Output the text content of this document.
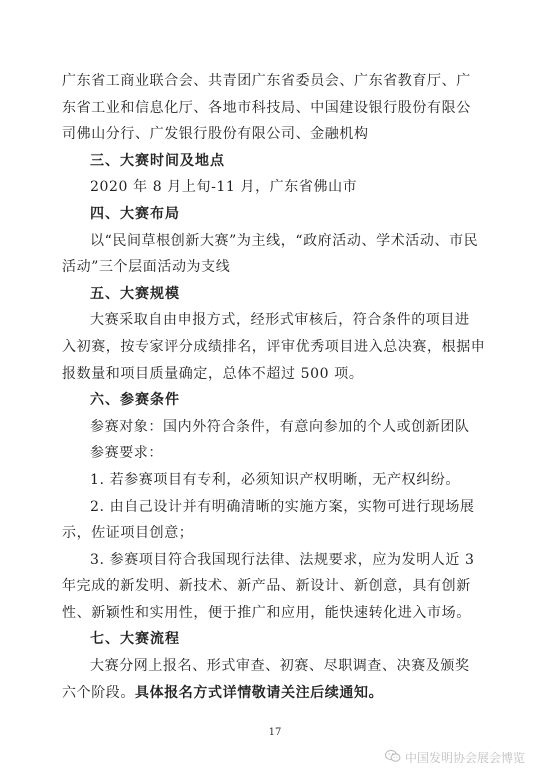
广东省工商业联合会、共青团广东省委员会、广东省教育厅、广
东省工业和信息化厅、各地市科技局、中国建设银行股份有限公
司佛山分行、广发银行股份有限公司、金融机构
三、大赛时间及地点
2020 年 8 月上旬-11 月，广东省佛山市
四、大赛布局
以“民间草根创新大赛”为主线，“政府活动、学术活动、市民
活动”三个层面活动为支线
五、大赛规模
大赛采取自由申报方式，经形式审核后，符合条件的项目进
入初赛，按专家评分成绩排名，评审优秀项目进入总决赛，根据申
报数量和项目质量确定，总体不超过 500 项。
六、参赛条件
参赛对象：国内外符合条件，有意向参加的个人或创新团队
参赛要求：
1. 若参赛项目有专利，必须知识产权明晰，无产权纠纷。
2. 由自己设计并有明确清晰的实施方案，实物可进行现场展
示，佐证项目创意；
3. 参赛项目符合我国现行法律、法规要求，应为发明人近 3
年完成的新发明、新技术、新产品、新设计、新创意，具有创新
性、新颖性和实用性，便于推广和应用，能快速转化进入市场。
七、大赛流程
大赛分网上报名、形式审查、初赛、尽职调查、决赛及颁奖
六个阶段。具体报名方式详情敬请关注后续通知。
17
中国发明协会展会博览
